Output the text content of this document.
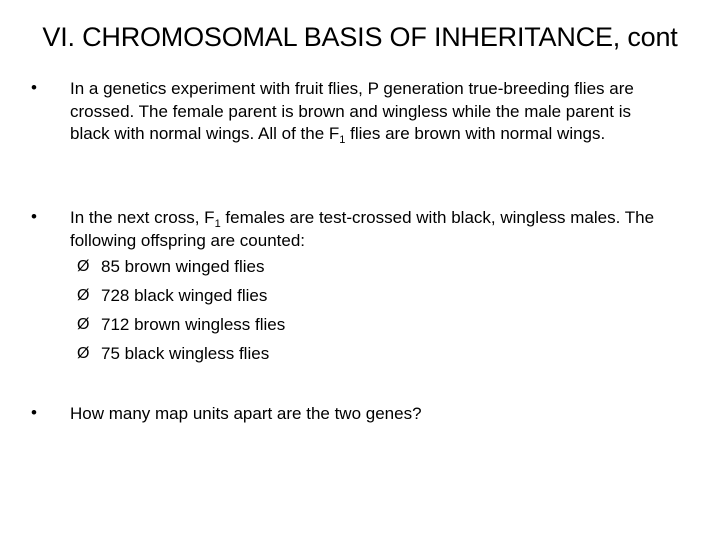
VI. CHROMOSOMAL BASIS OF INHERITANCE, cont
• In a genetics experiment with fruit flies, P generation true-breeding flies are crossed. The female parent is brown and wingless while the male parent is black with normal wings. All of the $F_1$ flies are brown with normal wings.
• In the next cross, $F_1$ females are test-crossed with black, wingless males. The following offspring are counted:
Ø 85 brown winged flies
Ø 728 black winged flies
Ø 712 brown wingless flies
Ø 75 black wingless flies
• How many map units apart are the two genes?
